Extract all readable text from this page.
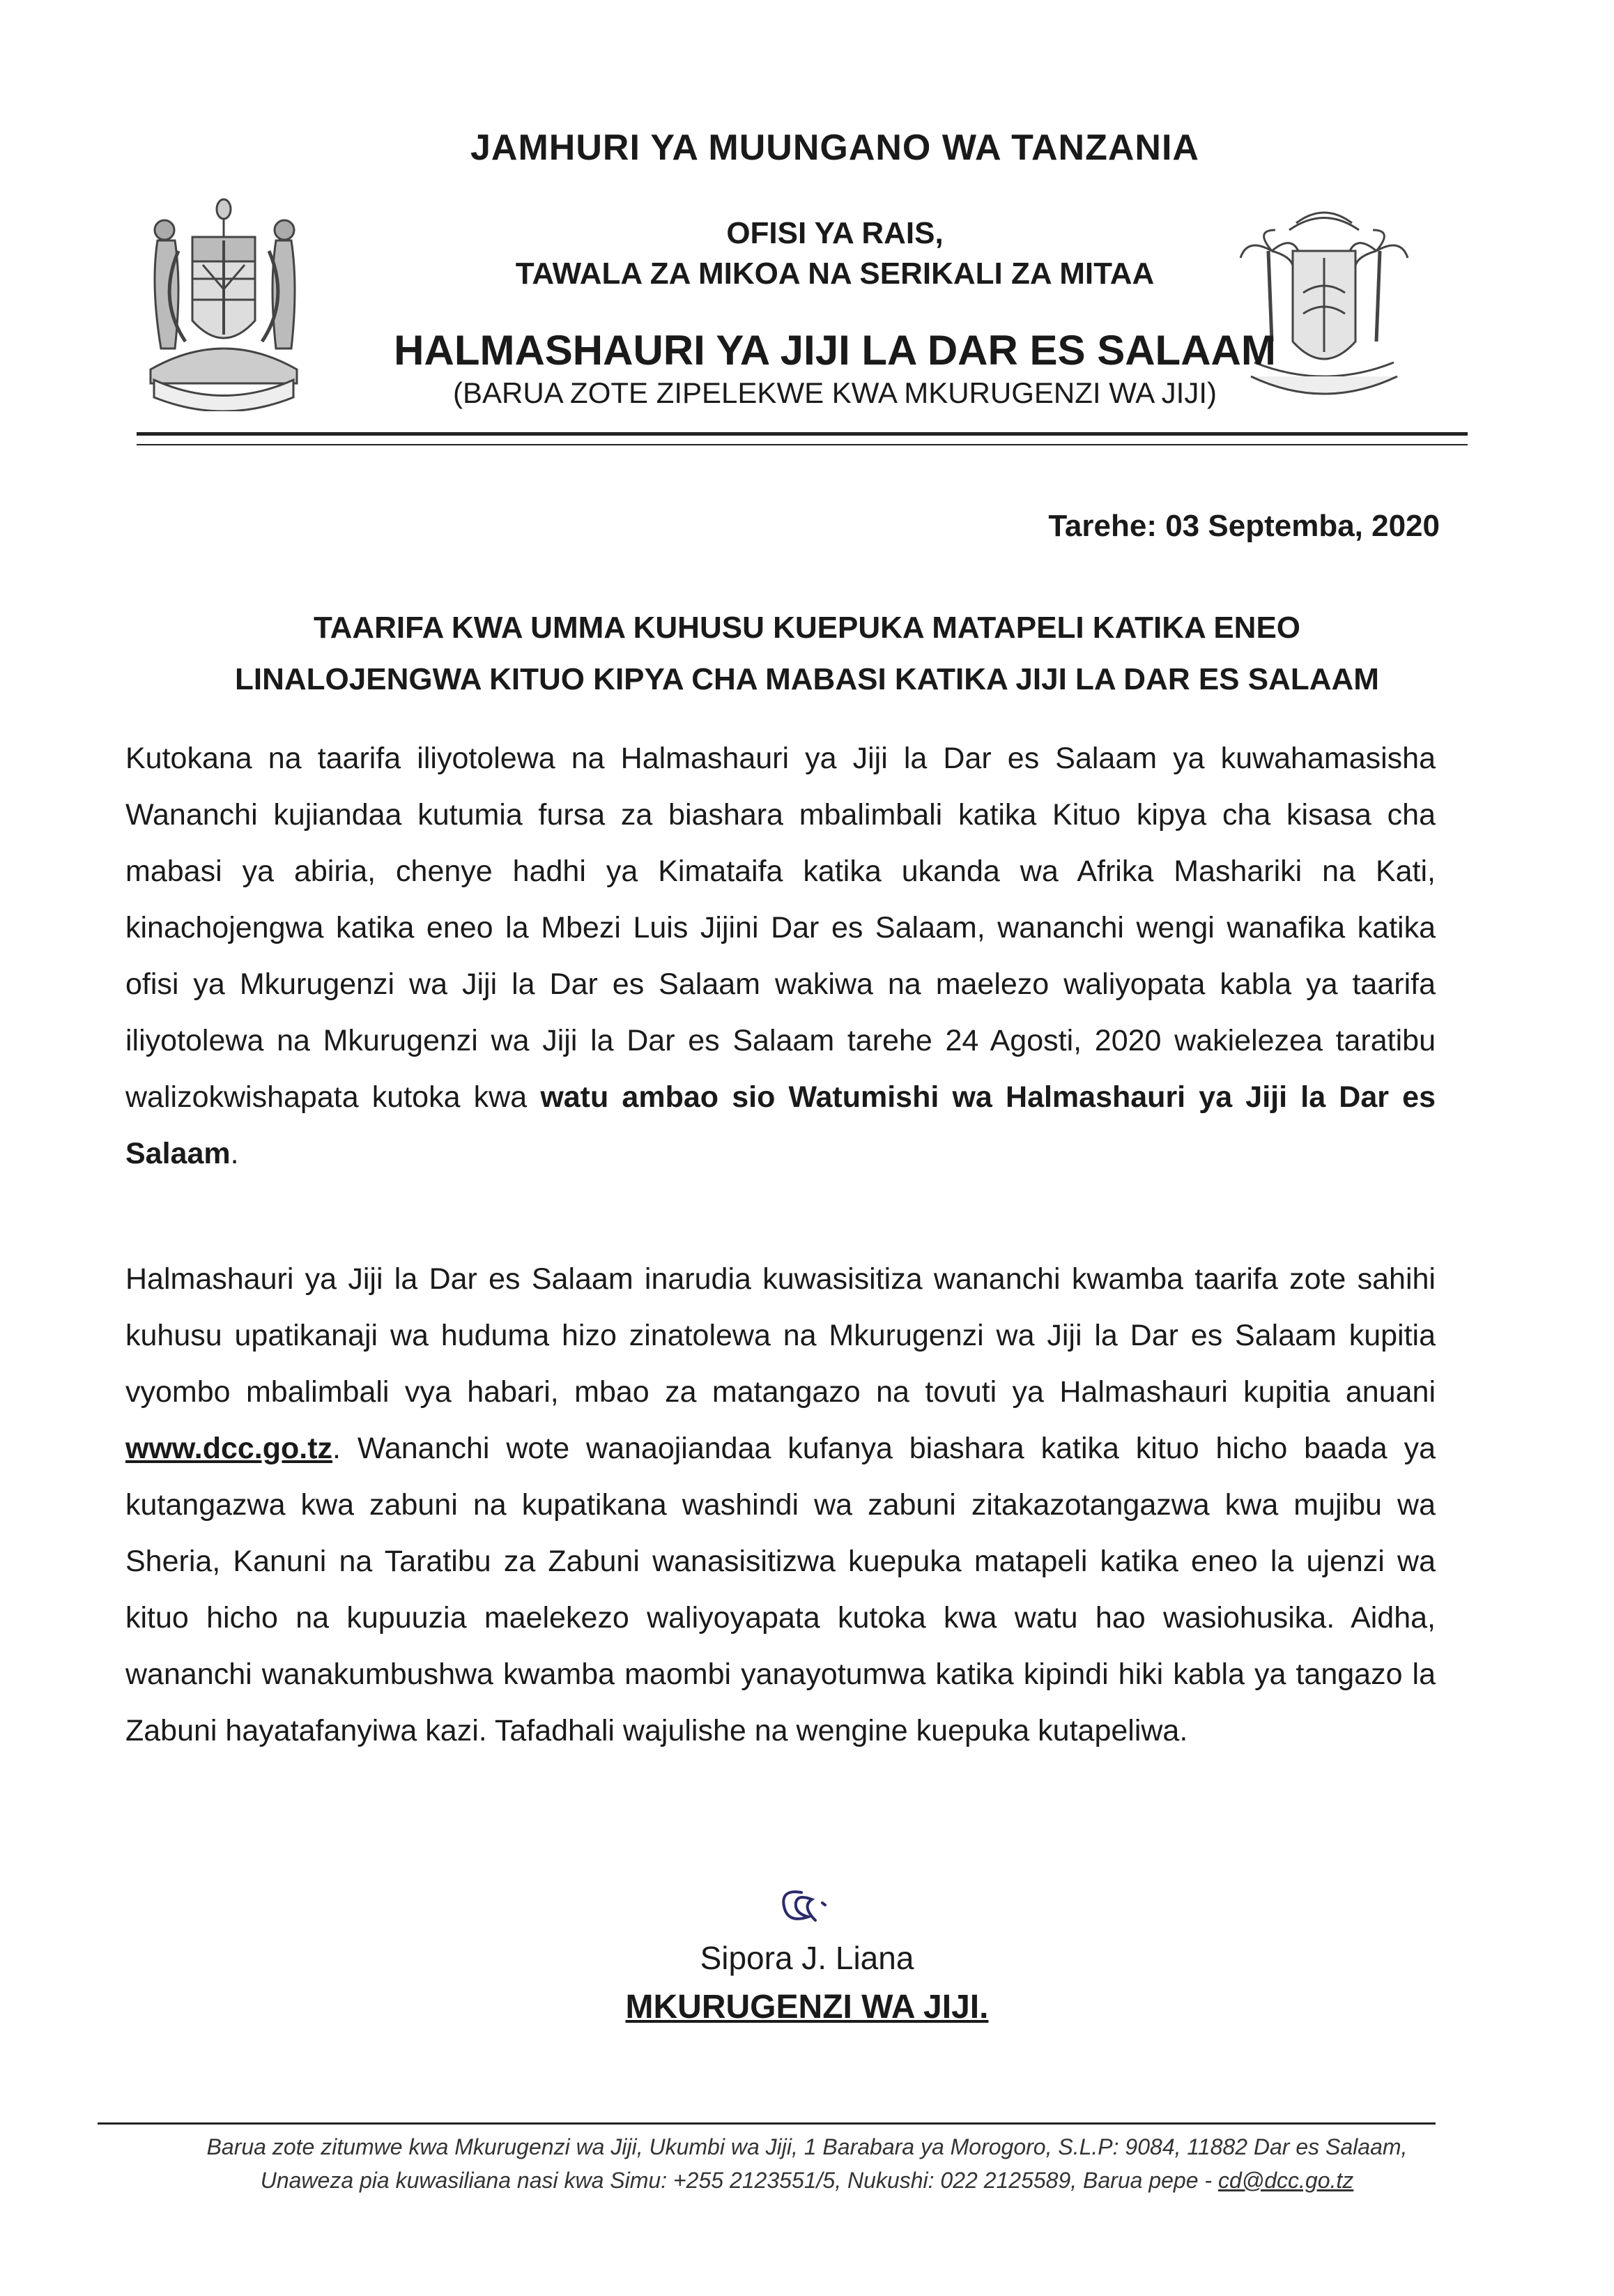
JAMHURI YA MUUNGANO WA TANZANIA
OFISI YA RAIS,
TAWALA ZA MIKOA NA SERIKALI ZA MITAA
HALMASHAURI YA JIJI LA DAR ES SALAAM
(BARUA ZOTE ZIPELEKWE KWA MKURUGENZI WA JIJI)
Tarehe: 03 Septemba, 2020
TAARIFA KWA UMMA KUHUSU KUEPUKA MATAPELI KATIKA ENEO
LINALOJENGWA KITUO KIPYA CHA MABASI KATIKA JIJI LA DAR ES SALAAM

Kutokana na taarifa iliyotolewa na Halmashauri ya Jiji la Dar es Salaam ya kuwahamasisha Wananchi kujiandaa kutumia fursa za biashara mbalimbali katika Kituo kipya cha kisasa cha mabasi ya abiria, chenye hadhi ya Kimataifa katika ukanda wa Afrika Mashariki na Kati, kinachojengwa katika eneo la Mbezi Luis Jijini Dar es Salaam, wananchi wengi wanafika katika ofisi ya Mkurugenzi wa Jiji la Dar es Salaam wakiwa na maelezo waliyopata kabla ya taarifa iliyotolewa na Mkurugenzi wa Jiji la Dar es Salaam tarehe 24 Agosti, 2020 wakielezea taratibu walizokwishapata kutoka kwa watu ambao sio Watumishi wa Halmashauri ya Jiji la Dar es Salaam.

Halmashauri ya Jiji la Dar es Salaam inarudia kuwasisitiza wananchi kwamba taarifa zote sahihi kuhusu upatikanaji wa huduma hizo zinatolewa na Mkurugenzi wa Jiji la Dar es Salaam kupitia vyombo mbalimbali vya habari, mbao za matangazo na tovuti ya Halmashauri kupitia anuani www.dcc.go.tz. Wananchi wote wanaojiandaa kufanya biashara katika kituo hicho baada ya kutangazwa kwa zabuni na kupatikana washindi wa zabuni zitakazotangazwa kwa mujibu wa Sheria, Kanuni na Taratibu za Zabuni wanasisitizwa kuepuka matapeli katika eneo la ujenzi wa kituo hicho na kupuuzia maelekezo waliyoyapata kutoka kwa watu hao wasiohusika. Aidha, wananchi wanakumbushwa kwamba maombi yanayotumwa katika kipindi hiki kabla ya tangazo la Zabuni hayatafanyiwa kazi. Tafadhali wajulishe na wengine kuepuka kutapeliwa.

Sipora J. Liana
MKURUGENZI WA JIJI.
Barua zote zitumwe kwa Mkurugenzi wa Jiji, Ukumbi wa Jiji, 1 Barabara ya Morogoro, S.L.P: 9084, 11882 Dar es Salaam,
Unaweza pia kuwasiliana nasi kwa Simu: +255 2123551/5, Nukushi: 022 2125589, Barua pepe - cd@dcc.go.tz
